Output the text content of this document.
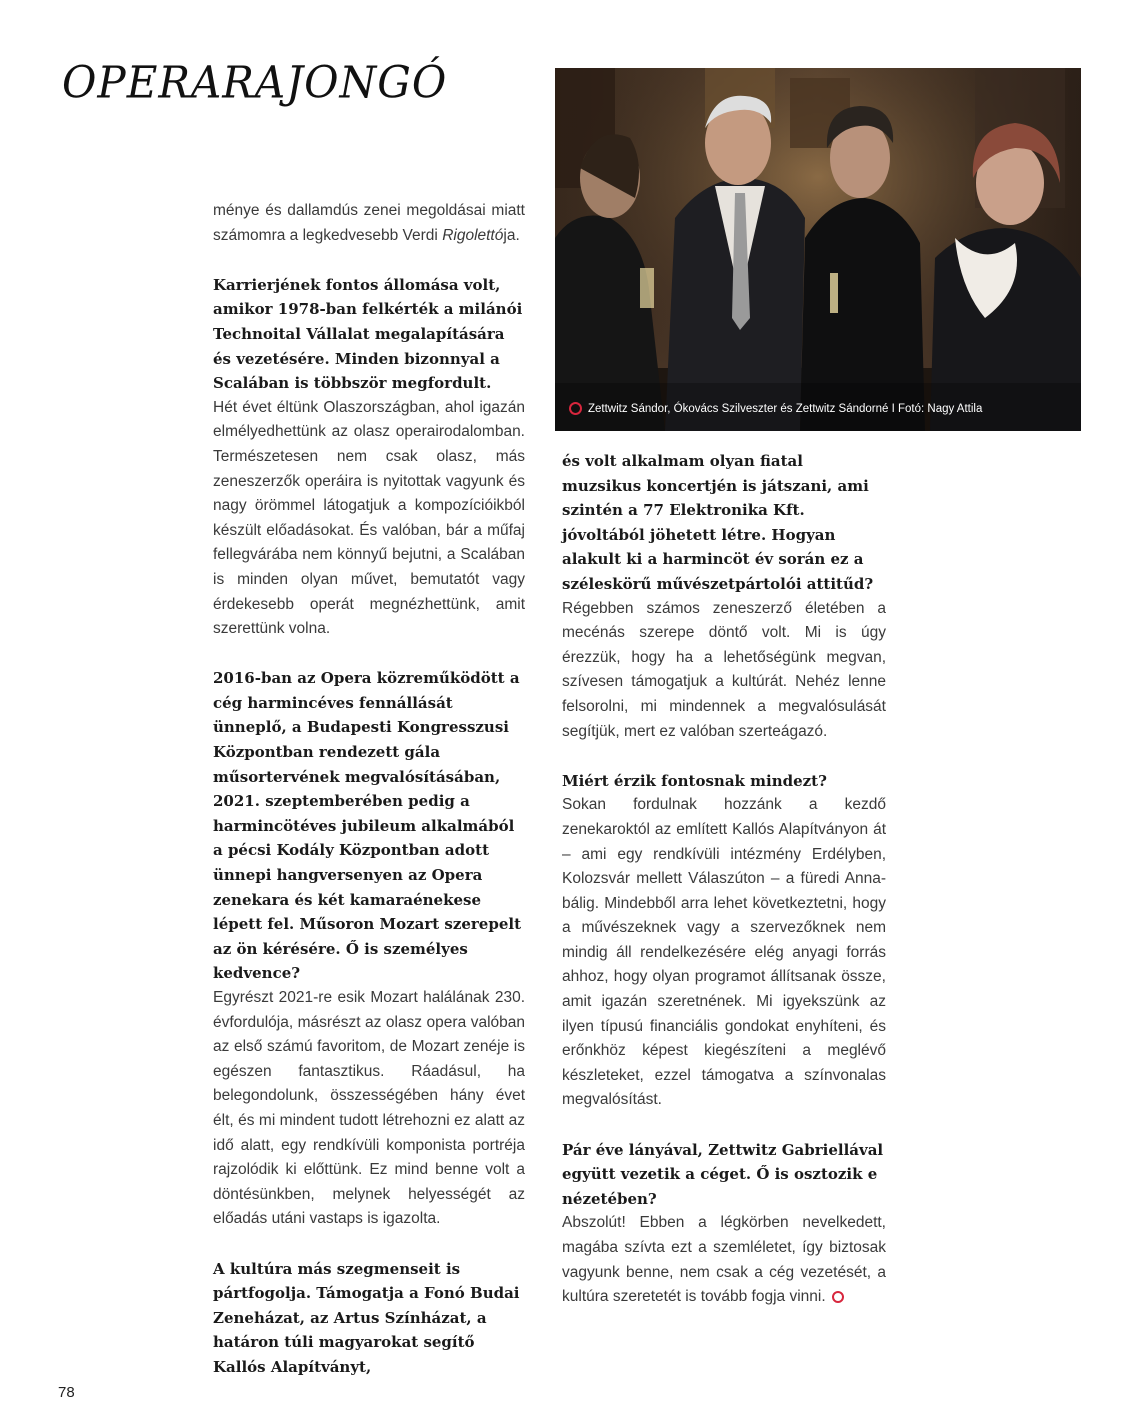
OPERARAJONGÓ
Zettwitz Sándor, Ókovács Szilveszter és Zettwitz Sándorné I Fotó: Nagy Attila

ménye és dallamdús zenei megoldásai miatt számomra a legkedvesebb Verdi Rigolettója.

Karrierjének fontos állomása volt, amikor 1978-ban felkérték a milánói Technoital Vállalat megalapítására és vezetésére. Minden bizonnyal a Scalában is többször megfordult.

Hét évet éltünk Olaszországban, ahol igazán elmélyedhettünk az olasz operairodalomban. Természetesen nem csak olasz, más zeneszerzők operáira is nyitottak vagyunk és nagy örömmel látogatjuk a kompozícióikból készült előadásokat. És valóban, bár a műfaj fellegvárába nem könnyű bejutni, a Scalában is minden olyan művet, bemutatót vagy érdekesebb operát megnézhettünk, amit szerettünk volna.

2016-ban az Opera közreműködött a cég harmincéves fennállását ünneplő, a Budapesti Kongresszusi Központban rendezett gála műsortervének megvalósításában, 2021. szeptemberében pedig a harmincötéves jubileum alkalmából a pécsi Kodály Központban adott ünnepi hangversenyen az Opera zenekara és két kamaraénekese lépett fel. Műsoron Mozart szerepelt az ön kérésére. Ő is személyes kedvence?

Egyrészt 2021-re esik Mozart halálának 230. évfordulója, másrészt az olasz opera valóban az első számú favoritom, de Mozart zenéje is egészen fantasztikus. Ráadásul, ha belegondolunk, összességében hány évet élt, és mi mindent tudott létrehozni ez alatt az idő alatt, egy rendkívüli komponista portréja rajzolódik ki előttünk. Ez mind benne volt a döntésünkben, melynek helyességét az előadás utáni vastaps is igazolta.

A kultúra más szegmenseit is pártfogolja. Támogatja a Fonó Budai Zeneházat, az Artus Színházat, a határon túli magyarokat segítő Kallós Alapítványt,

és volt alkalmam olyan fiatal muzsikus koncertjén is játszani, ami szintén a 77 Elektronika Kft. jóvoltából jöhetett létre. Hogyan alakult ki a harmincöt év során ez a széleskörű művészetpártolói attitűd?

Régebben számos zeneszerző életében a mecénás szerepe döntő volt. Mi is úgy érezzük, hogy ha a lehetőségünk megvan, szívesen támogatjuk a kultúrát. Nehéz lenne felsorolni, mi mindennek a megvalósulását segítjük, mert ez valóban szerteágazó.

Miért érzik fontosnak mindezt?

Sokan fordulnak hozzánk a kezdő zenekaroktól az említett Kallós Alapítványon át – ami egy rendkívüli intézmény Erdélyben, Kolozsvár mellett Válaszúton – a füredi Anna-bálig. Mindebből arra lehet következtetni, hogy a művészeknek vagy a szervezőknek nem mindig áll rendelkezésére elég anyagi forrás ahhoz, hogy olyan programot állítsanak össze, amit igazán szeretnének. Mi igyekszünk az ilyen típusú financiális gondokat enyhíteni, és erőnkhöz képest kiegészíteni a meglévő készleteket, ezzel támogatva a színvonalas megvalósítást.

Pár éve lányával, Zettwitz Gabriellával együtt vezetik a céget. Ő is osztozik e nézetében?

Abszolút! Ebben a légkörben nevelkedett, magába szívta ezt a szemléletet, így biztosak vagyunk benne, nem csak a cég vezetését, a kultúra szeretetét is tovább fogja vinni.

78
